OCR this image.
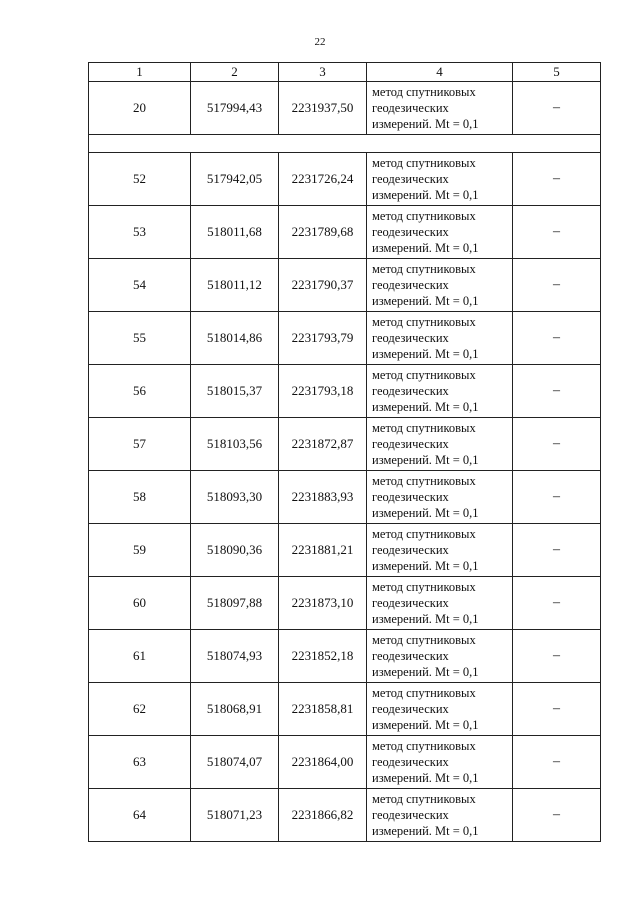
22
1	2	3	4	5
20	517994,43	2231937,50	метод спутниковых
геодезических
измерений. Mt = 0,1	–

52	517942,05	2231726,24	метод спутниковых
геодезических
измерений. Mt = 0,1	–
53	518011,68	2231789,68	метод спутниковых
геодезических
измерений. Mt = 0,1	–
54	518011,12	2231790,37	метод спутниковых
геодезических
измерений. Mt = 0,1	–
55	518014,86	2231793,79	метод спутниковых
геодезических
измерений. Mt = 0,1	–
56	518015,37	2231793,18	метод спутниковых
геодезических
измерений. Mt = 0,1	–
57	518103,56	2231872,87	метод спутниковых
геодезических
измерений. Mt = 0,1	–
58	518093,30	2231883,93	метод спутниковых
геодезических
измерений. Mt = 0,1	–
59	518090,36	2231881,21	метод спутниковых
геодезических
измерений. Mt = 0,1	–
60	518097,88	2231873,10	метод спутниковых
геодезических
измерений. Mt = 0,1	–
61	518074,93	2231852,18	метод спутниковых
геодезических
измерений. Mt = 0,1	–
62	518068,91	2231858,81	метод спутниковых
геодезических
измерений. Mt = 0,1	–
63	518074,07	2231864,00	метод спутниковых
геодезических
измерений. Mt = 0,1	–
64	518071,23	2231866,82	метод спутниковых
геодезических
измерений. Mt = 0,1	–
